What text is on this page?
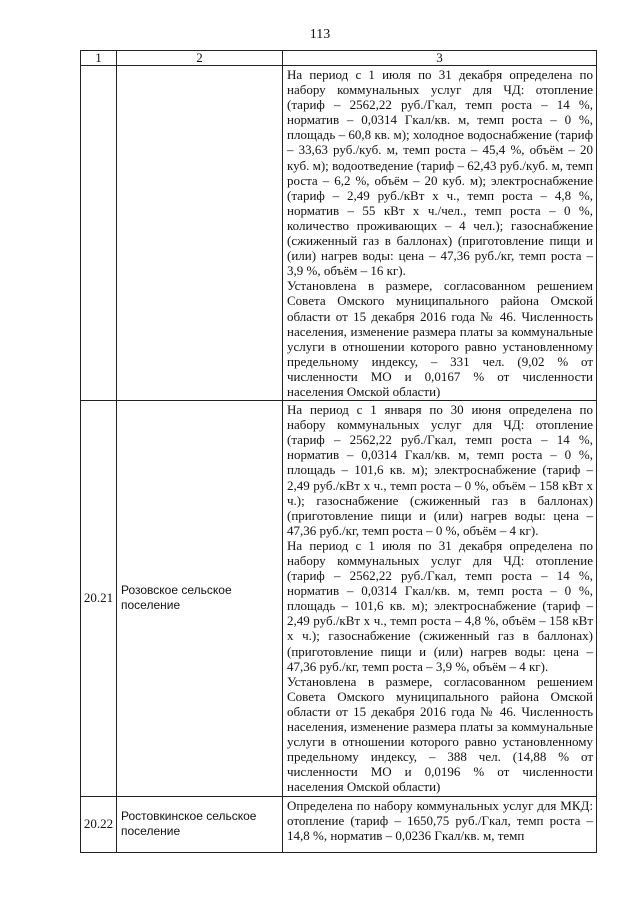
113
1	2	3

		На период с 1 июля по 31 декабря определена по набору коммунальных услуг для ЧД: отопление (тариф – 2562,22 руб./Гкал, темп роста – 14 %, норматив – 0,0314 Гкал/кв. м, темп роста – 0 %, площадь – 60,8 кв. м); холодное водоснабжение (тариф – 33,63 руб./куб. м, темп роста – 45,4 %, объём – 20 куб. м); водоотведение (тариф – 62,43 руб./куб. м, темп роста – 6,2 %, объём – 20 куб. м); электроснабжение (тариф – 2,49 руб./кВт х ч., темп роста – 4,8 %, норматив – 55 кВт х ч./чел., темп роста – 0 %, количество проживающих – 4 чел.); газоснабжение (сжиженный газ в баллонах) (приготовление пищи и (или) нагрев воды: цена – 47,36 руб./кг, темп роста – 3,9 %, объём – 16 кг).

Установлена в размере, согласованном решением Совета Омского муниципального района Омской области от 15 декабря 2016 года № 46. Численность населения, изменение размера платы за коммунальные услуги в отношении которого равно установленному предельному индексу, – 331 чел. (9,02 % от численности МО и 0,0167 % от численности населения Омской области)

20.21	Розовское сельское поселение	На период с 1 января по 30 июня определена по набору коммунальных услуг для ЧД: отопление (тариф – 2562,22 руб./Гкал, темп роста – 14 %, норматив – 0,0314 Гкал/кв. м, темп роста – 0 %, площадь – 101,6 кв. м); электроснабжение (тариф – 2,49 руб./кВт х ч., темп роста – 0 %, объём – 158 кВт х ч.); газоснабжение (сжиженный газ в баллонах) (приготовление пищи и (или) нагрев воды: цена – 47,36 руб./кг, темп роста – 0 %, объём – 4 кг).

На период с 1 июля по 31 декабря определена по набору коммунальных услуг для ЧД: отопление (тариф – 2562,22 руб./Гкал, темп роста – 14 %, норматив – 0,0314 Гкал/кв. м, темп роста – 0 %, площадь – 101,6 кв. м); электроснабжение (тариф – 2,49 руб./кВт х ч., темп роста – 4,8 %, объём – 158 кВт х ч.); газоснабжение (сжиженный газ в баллонах) (приготовление пищи и (или) нагрев воды: цена – 47,36 руб./кг, темп роста – 3,9 %, объём – 4 кг).

Установлена в размере, согласованном решением Совета Омского муниципального района Омской области от 15 декабря 2016 года № 46. Численность населения, изменение размера платы за коммунальные услуги в отношении которого равно установленному предельному индексу, – 388 чел. (14,88 % от численности МО и 0,0196 % от численности населения Омской области)

20.22	Ростовкинское сельское поселение	Определена по набору коммунальных услуг для МКД: отопление (тариф – 1650,75 руб./Гкал, темп роста – 14,8 %, норматив – 0,0236 Гкал/кв. м, темп
